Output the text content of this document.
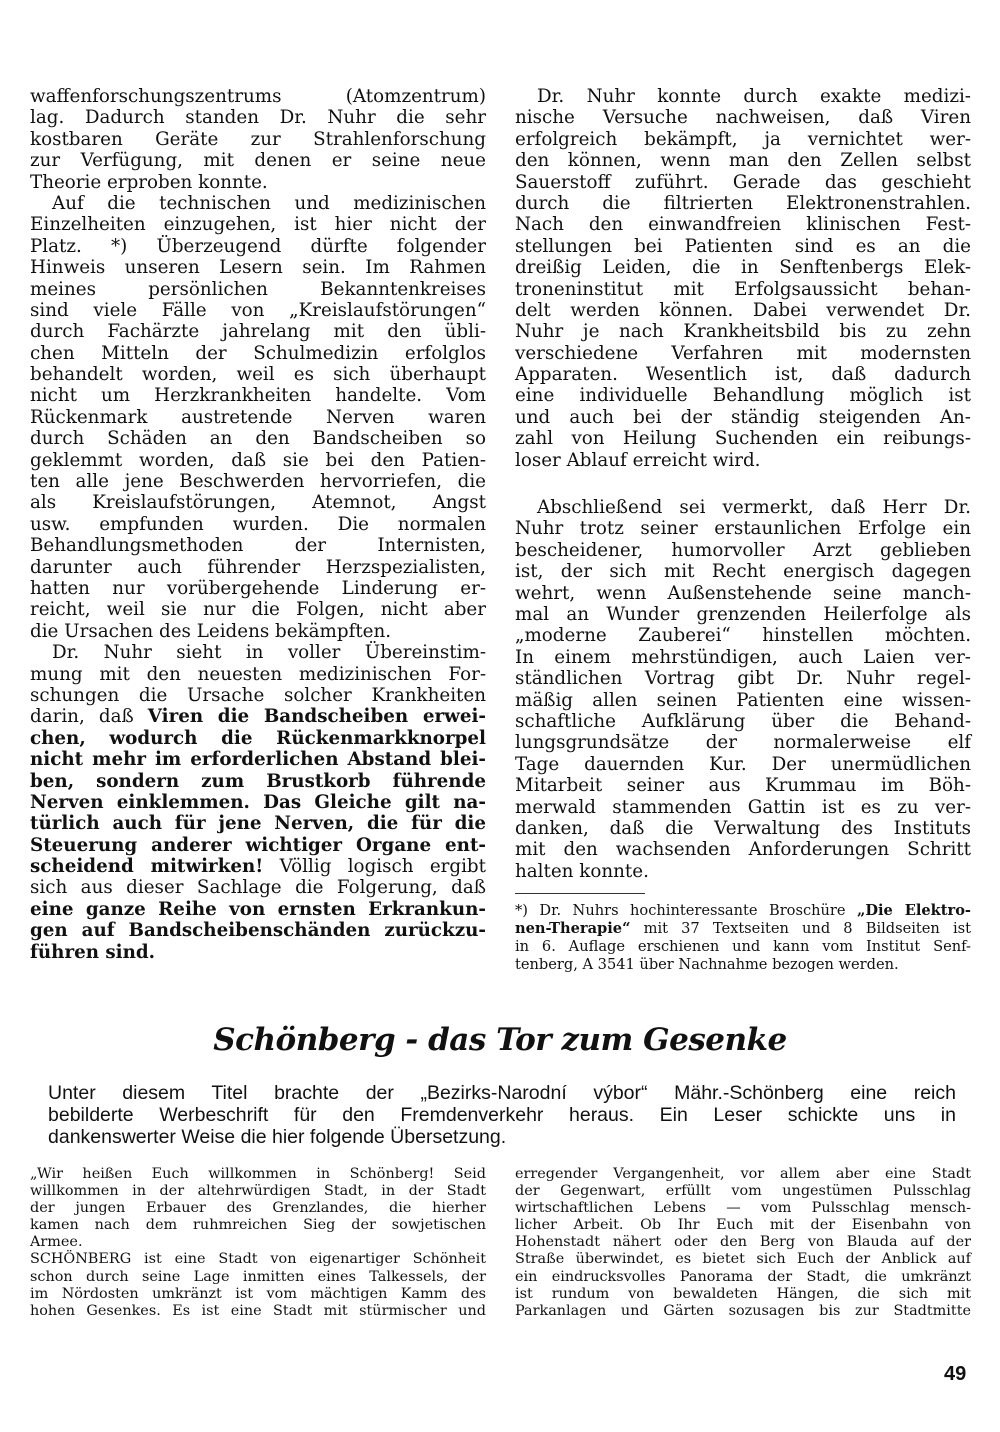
waffenforschungszentrums (Atomzentrum)
lag. Dadurch standen Dr. Nuhr die sehr
kostbaren Geräte zur Strahlenforschung
zur Verfügung, mit denen er seine neue
Theorie erproben konnte.
Auf die technischen und medizinischen
Einzelheiten einzugehen, ist hier nicht der
Platz. *) Überzeugend dürfte folgender
Hinweis unseren Lesern sein. Im Rahmen
meines persönlichen Bekanntenkreises
sind viele Fälle von „Kreislaufstörungen“
durch Fachärzte jahrelang mit den übli-
chen Mitteln der Schulmedizin erfolglos
behandelt worden, weil es sich überhaupt
nicht um Herzkrankheiten handelte. Vom
Rückenmark austretende Nerven waren
durch Schäden an den Bandscheiben so
geklemmt worden, daß sie bei den Patien-
ten alle jene Beschwerden hervorriefen, die
als Kreislaufstörungen, Atemnot, Angst
usw. empfunden wurden. Die normalen
Behandlungsmethoden der Internisten,
darunter auch führender Herzspezialisten,
hatten nur vorübergehende Linderung er-
reicht, weil sie nur die Folgen, nicht aber
die Ursachen des Leidens bekämpften.
Dr. Nuhr sieht in voller Übereinstim-
mung mit den neuesten medizinischen For-
schungen die Ursache solcher Krankheiten
darin, daß Viren die Bandscheiben erwei-
chen, wodurch die Rückenmarkknorpel
nicht mehr im erforderlichen Abstand blei-
ben, sondern zum Brustkorb führende
Nerven einklemmen. Das Gleiche gilt na-
türlich auch für jene Nerven, die für die
Steuerung anderer wichtiger Organe ent-
scheidend mitwirken! Völlig logisch ergibt
sich aus dieser Sachlage die Folgerung, daß
eine ganze Reihe von ernsten Erkrankun-
gen auf Bandscheibenschänden zurückzu-
führen sind.
Dr. Nuhr konnte durch exakte medizi-
nische Versuche nachweisen, daß Viren
erfolgreich bekämpft, ja vernichtet wer-
den können, wenn man den Zellen selbst
Sauerstoff zuführt. Gerade das geschieht
durch die filtrierten Elektronenstrahlen.
Nach den einwandfreien klinischen Fest-
stellungen bei Patienten sind es an die
dreißig Leiden, die in Senftenbergs Elek-
troneninstitut mit Erfolgsaussicht behan-
delt werden können. Dabei verwendet Dr.
Nuhr je nach Krankheitsbild bis zu zehn
verschiedene Verfahren mit modernsten
Apparaten. Wesentlich ist, daß dadurch
eine individuelle Behandlung möglich ist
und auch bei der ständig steigenden An-
zahl von Heilung Suchenden ein reibungs-
loser Ablauf erreicht wird.
Abschließend sei vermerkt, daß Herr Dr.
Nuhr trotz seiner erstaunlichen Erfolge ein
bescheidener, humorvoller Arzt geblieben
ist, der sich mit Recht energisch dagegen
wehrt, wenn Außenstehende seine manch-
mal an Wunder grenzenden Heilerfolge als
„moderne Zauberei“ hinstellen möchten.
In einem mehrstündigen, auch Laien ver-
ständlichen Vortrag gibt Dr. Nuhr regel-
mäßig allen seinen Patienten eine wissen-
schaftliche Aufklärung über die Behand-
lungsgrundsätze der normalerweise elf
Tage dauernden Kur. Der unermüdlichen
Mitarbeit seiner aus Krummau im Böh-
merwald stammenden Gattin ist es zu ver-
danken, daß die Verwaltung des Instituts
mit den wachsenden Anforderungen Schritt
halten konnte.
*) Dr. Nuhrs hochinteressante Broschüre „Die Elektro-
nen-Therapie“ mit 37 Textseiten und 8 Bildseiten ist
in 6. Auflage erschienen und kann vom Institut Senf-
tenberg, A 3541 über Nachnahme bezogen werden.
Schönberg - das Tor zum Gesenke
Unter diesem Titel brachte der „Bezirks-Narodní výbor“ Mähr.-Schönberg eine reich
bebilderte Werbeschrift für den Fremdenverkehr heraus. Ein Leser schickte uns in
dankenswerter Weise die hier folgende Übersetzung.
„Wir heißen Euch willkommen in Schönberg! Seid
willkommen in der altehrwürdigen Stadt, in der Stadt
der jungen Erbauer des Grenzlandes, die hierher
kamen nach dem ruhmreichen Sieg der sowjetischen
Armee.
SCHÖNBERG ist eine Stadt von eigenartiger Schönheit
schon durch seine Lage inmitten eines Talkessels, der
im Nördosten umkränzt ist vom mächtigen Kamm des
hohen Gesenkes. Es ist eine Stadt mit stürmischer und
erregender Vergangenheit, vor allem aber eine Stadt
der Gegenwart, erfüllt vom ungestümen Pulsschlag
wirtschaftlichen Lebens — vom Pulsschlag mensch-
licher Arbeit. Ob Ihr Euch mit der Eisenbahn von
Hohenstadt nähert oder den Berg von Blauda auf der
Straße überwindet, es bietet sich Euch der Anblick auf
ein eindrucksvolles Panorama der Stadt, die umkränzt
ist rundum von bewaldeten Hängen, die sich mit
Parkanlagen und Gärten sozusagen bis zur Stadtmitte
49
